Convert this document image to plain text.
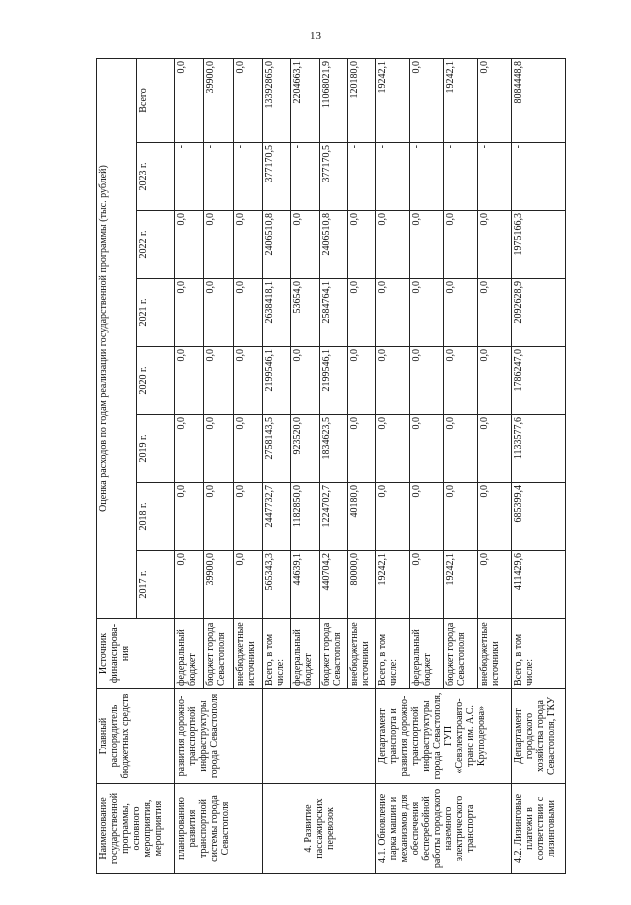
13
Наименование государственной программы, основного мероприятия, мероприятия	Главный распорядитель бюджетных средств	Источник финансирова-ния	Оценка расходов по годам реализации государственной программы (тыс. рублей)							
			2017 г.	2018 г.	2019 г.	2020 г.	2021 г.	2022 г.	2023 г.	Всего
планированию развития транспортной системы города Севастополя	развития дорожно-транспортной инфраструктуры города Севастополя	федеральный бюджет	0,0	0,0	0,0	0,0	0,0	0,0	-	0,0
		бюджет города Севастополя	39900,0	0,0	0,0	0,0	0,0	0,0	-	39900,0
		внебюджетные источники	0,0	0,0	0,0	0,0	0,0	0,0	-	0,0
4. Развитие пассажирских перевозок		Всего, в том числе:	565343,3	2447732,7	2758143,5	2199546,1	2638418,1	2406510,8	377170,5	13392865,0
		федеральный бюджет	44639,1	1182850,0	923520,0	0,0	53654,0	0,0	-	2204663,1
		бюджет города Севастополя	440704,2	1224702,7	1834623,5	2199546,1	2584764,1	2406510,8	377170,5	11068021,9
		внебюджетные источники	80000,0	40180,0	0,0	0,0	0,0	0,0	-	120180,0
4.1. Обновление парка машин и механизмов для обеспечения бесперебойной работы городского наземного электрического транспорта	Департамент транспорта и развития дорожно-транспортной инфраструктуры города Севастополя, ГУП «Севэлектроавто-транс им. А.С. Круподерова»	Всего, в том числе:	19242,1	0,0	0,0	0,0	0,0	0,0	-	19242,1
		федеральный бюджет	0,0	0,0	0,0	0,0	0,0	0,0	-	0,0
		бюджет города Севастополя	19242,1	0,0	0,0	0,0	0,0	0,0	-	19242,1
		внебюджетные источники	0,0	0,0	0,0	0,0	0,0	0,0	-	0,0
4.2. Лизинговые платежи в соответствии с лизинговыми	Департамент городского хозяйства города Севастополя, ГКУ	Всего, в том числе:	411429,6	685399,4	1133577,6	1786247,0	2092628,9	1975166,3	-	8084448,8
